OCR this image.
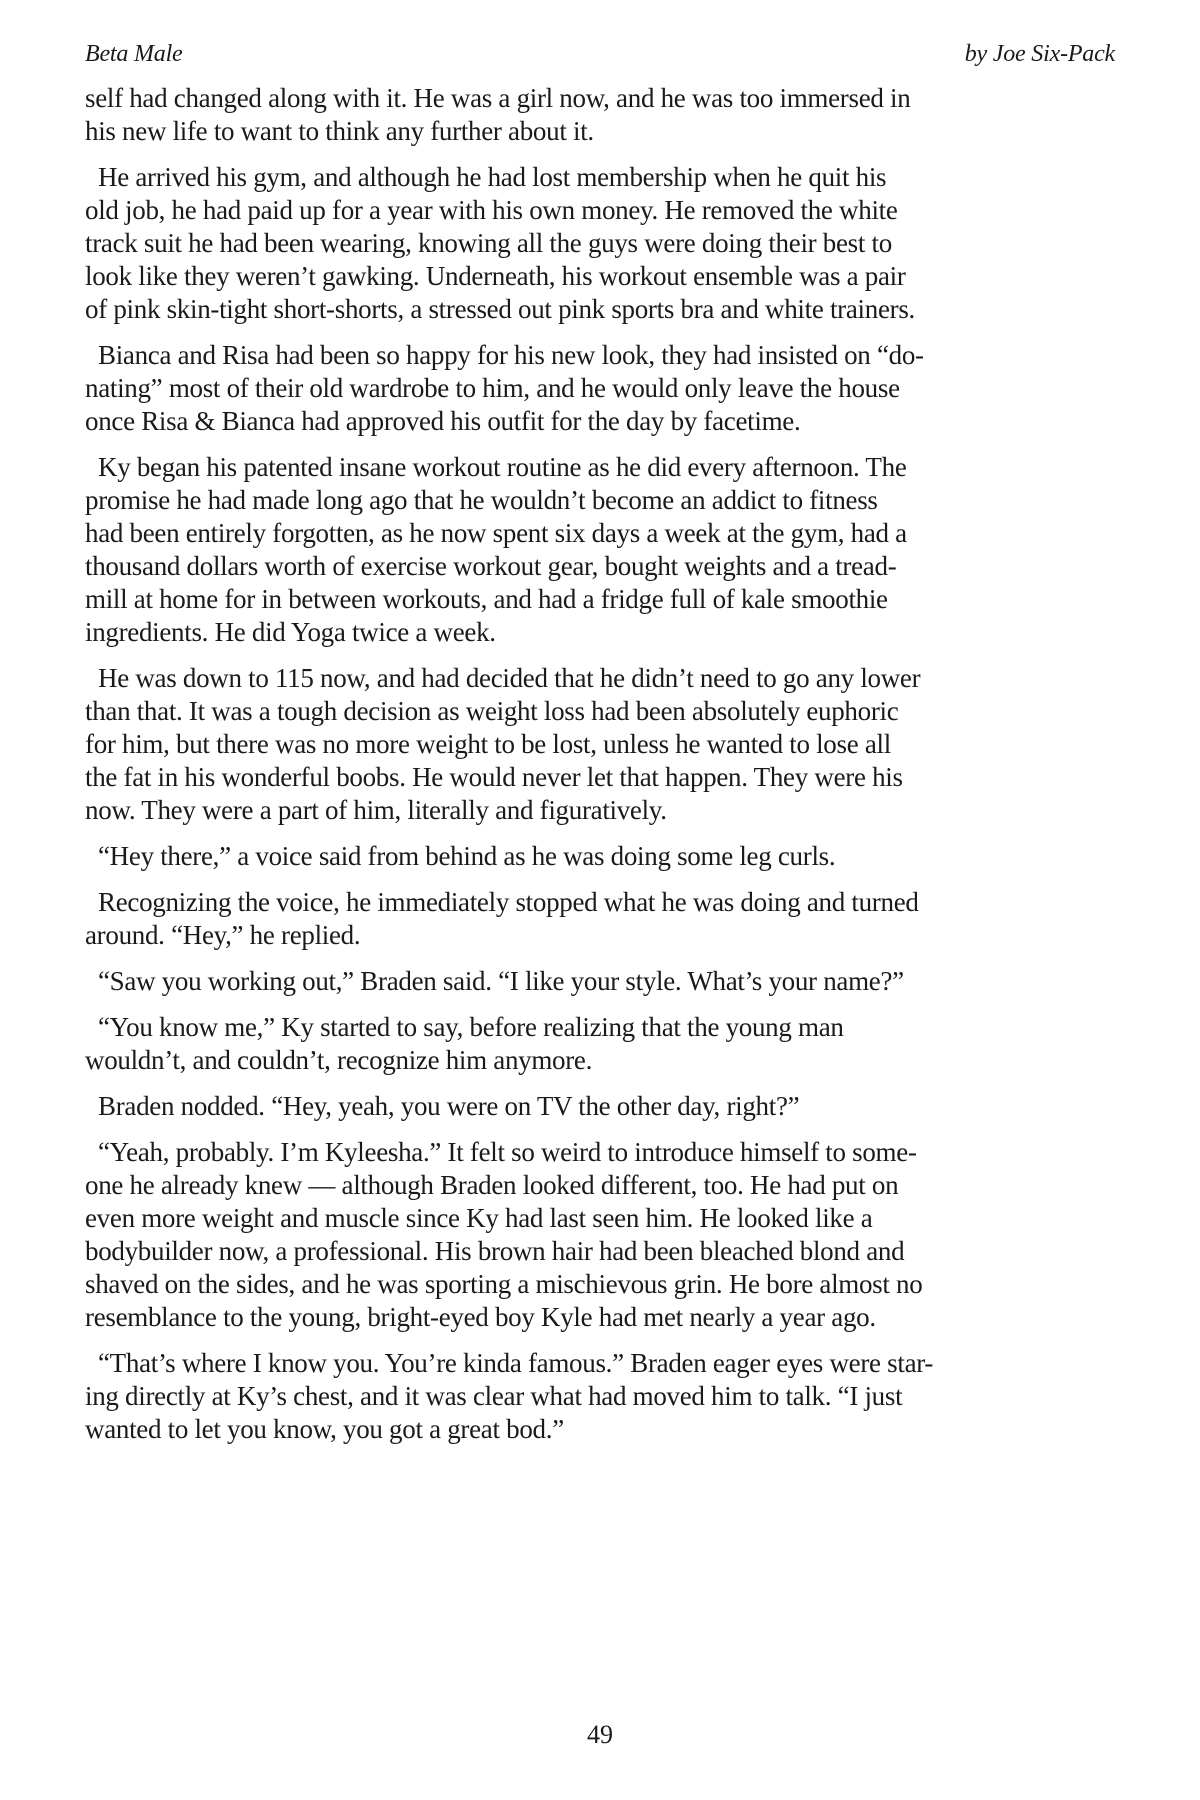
Beta Male	by Joe Six-Pack
self had changed along with it. He was a girl now, and he was too immersed in
his new life to want to think any further about it.
He arrived his gym, and although he had lost membership when he quit his
old job, he had paid up for a year with his own money. He removed the white
track suit he had been wearing, knowing all the guys were doing their best to
look like they weren’t gawking. Underneath, his workout ensemble was a pair
of pink skin-tight short-shorts, a stressed out pink sports bra and white trainers.
Bianca and Risa had been so happy for his new look, they had insisted on “do-
nating” most of their old wardrobe to him, and he would only leave the house
once Risa & Bianca had approved his outfit for the day by facetime.
Ky began his patented insane workout routine as he did every afternoon. The
promise he had made long ago that he wouldn’t become an addict to fitness
had been entirely forgotten, as he now spent six days a week at the gym, had a
thousand dollars worth of exercise workout gear, bought weights and a tread-
mill at home for in between workouts, and had a fridge full of kale smoothie
ingredients. He did Yoga twice a week.
He was down to 115 now, and had decided that he didn’t need to go any lower
than that. It was a tough decision as weight loss had been absolutely euphoric
for him, but there was no more weight to be lost, unless he wanted to lose all
the fat in his wonderful boobs. He would never let that happen. They were his
now. They were a part of him, literally and figuratively.
“Hey there,” a voice said from behind as he was doing some leg curls.
Recognizing the voice, he immediately stopped what he was doing and turned
around. “Hey,” he replied.
“Saw you working out,” Braden said. “I like your style. What’s your name?”
“You know me,” Ky started to say, before realizing that the young man
wouldn’t, and couldn’t, recognize him anymore.
Braden nodded. “Hey, yeah, you were on TV the other day, right?”
“Yeah, probably. I’m Kyleesha.” It felt so weird to introduce himself to some-
one he already knew — although Braden looked different, too. He had put on
even more weight and muscle since Ky had last seen him. He looked like a
bodybuilder now, a professional. His brown hair had been bleached blond and
shaved on the sides, and he was sporting a mischievous grin. He bore almost no
resemblance to the young, bright-eyed boy Kyle had met nearly a year ago.
“That’s where I know you. You’re kinda famous.” Braden eager eyes were star-
ing directly at Ky’s chest, and it was clear what had moved him to talk. “I just
wanted to let you know, you got a great bod.”
49
